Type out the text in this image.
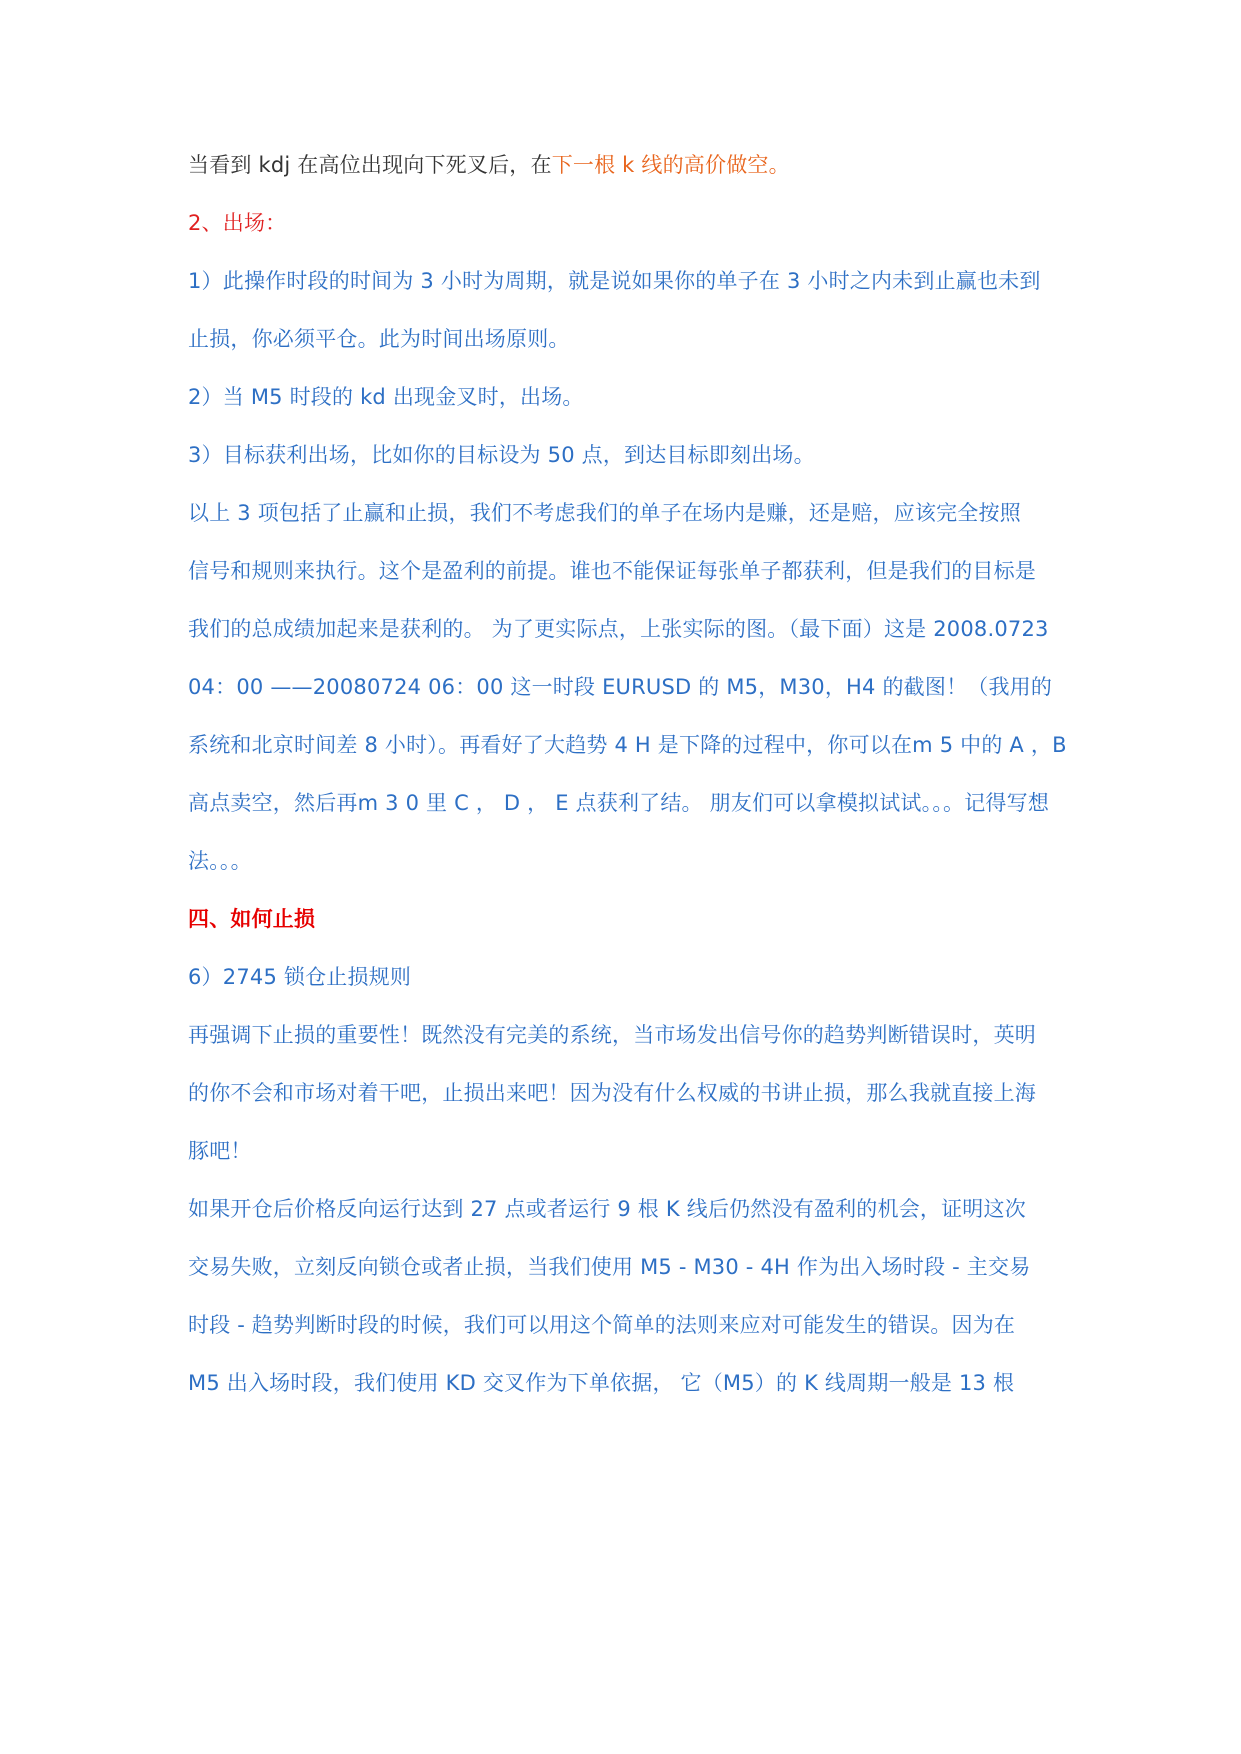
当看到 kdj 在高位出现向下死叉后，在下一根 k 线的高价做空。
2、出场：
1）此操作时段的时间为 3 小时为周期，就是说如果你的单子在 3 小时之内未到止赢也未到
止损，你必须平仓。此为时间出场原则。
2）当 M5 时段的 kd 出现金叉时，出场。
3）目标获利出场，比如你的目标设为 50 点，到达目标即刻出场。
以上 3 项包括了止赢和止损，我们不考虑我们的单子在场内是赚，还是赔，应该完全按照
信号和规则来执行。这个是盈利的前提。谁也不能保证每张单子都获利，但是我们的目标是
我们的总成绩加起来是获利的。 为了更实际点，上张实际的图。（最下面）这是 2008.0723
04：00 ——20080724 06：00 这一时段 EURUSD 的 M5，M30，H4 的截图！（我用的
系统和北京时间差 8 小时）。再看好了大趋势 4 H 是下降的过程中，你可以在m 5 中的 A ，B
高点卖空，然后再m 3 0 里 C ， D ， E 点获利了结。 朋友们可以拿模拟试试。。。记得写想
法。。。
四、如何止损
6）2745 锁仓止损规则
再强调下止损的重要性！既然没有完美的系统，当市场发出信号你的趋势判断错误时，英明
的你不会和市场对着干吧，止损出来吧！因为没有什么权威的书讲止损，那么我就直接上海
豚吧！
如果开仓后价格反向运行达到 27 点或者运行 9 根 K 线后仍然没有盈利的机会，证明这次
交易失败，立刻反向锁仓或者止损，当我们使用 M5 - M30 - 4H 作为出入场时段 - 主交易
时段 - 趋势判断时段的时候，我们可以用这个简单的法则来应对可能发生的错误。因为在
M5 出入场时段，我们使用 KD 交叉作为下单依据， 它（M5）的 K 线周期一般是 13 根
